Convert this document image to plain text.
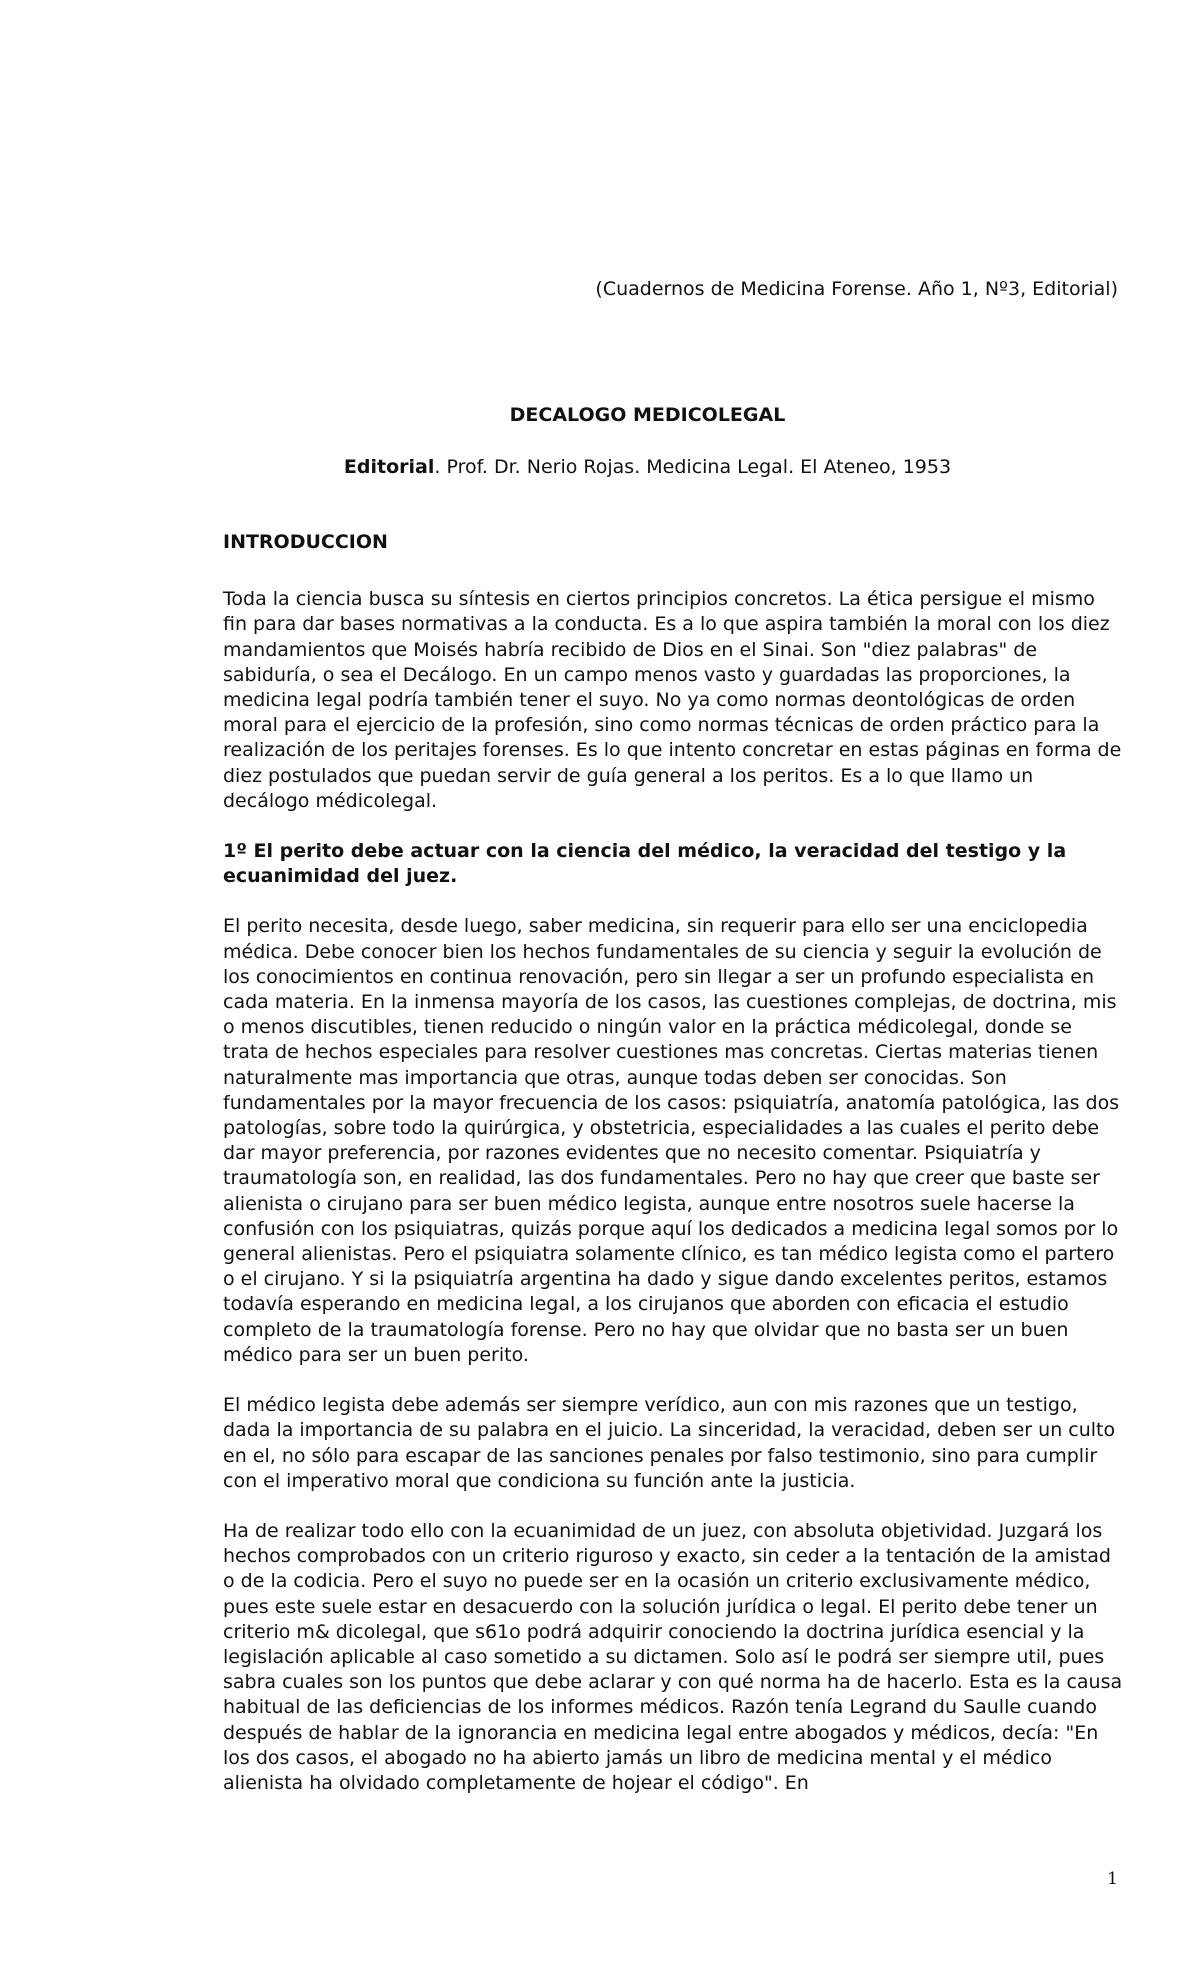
(Cuadernos de Medicina Forense. Año 1, Nº3, Editorial)
DECALOGO MEDICOLEGAL
Editorial. Prof. Dr. Nerio Rojas. Medicina Legal. El Ateneo, 1953

INTRODUCCION

Toda la ciencia busca su síntesis en ciertos principios concretos. La ética persigue el mismo fin para dar bases normativas a la conducta. Es a lo que aspira también la moral con los diez mandamientos que Moisés habría recibido de Dios en el Sinai. Son "diez palabras" de sabiduría, o sea el Decálogo. En un campo menos vasto y guardadas las proporciones, la medicina legal podría también tener el suyo. No ya como normas deontológicas de orden moral para el ejercicio de la profesión, sino como normas técnicas de orden práctico para la realización de los peritajes forenses. Es lo que intento concretar en estas páginas en forma de diez postulados que puedan servir de guía general a los peritos. Es a lo que llamo un decálogo médicolegal.

1º El perito debe actuar con la ciencia del médico, la veracidad del testigo y la ecuanimidad del juez.

El perito necesita, desde luego, saber medicina, sin requerir para ello ser una enciclopedia médica. Debe conocer bien los hechos fundamentales de su ciencia y seguir la evolución de los conocimientos en continua renovación, pero sin llegar a ser un profundo especialista en cada materia. En la inmensa mayoría de los casos, las cuestiones complejas, de doctrina, mis o menos discutibles, tienen reducido o ningún valor en la práctica médicolegal, donde se trata de hechos especiales para resolver cuestiones mas concretas. Ciertas materias tienen naturalmente mas importancia que otras, aunque todas deben ser conocidas. Son fundamentales por la mayor frecuencia de los casos: psiquiatría, anatomía patológica, las dos patologías, sobre todo la quirúrgica, y obstetricia, especialidades a las cuales el perito debe dar mayor preferencia, por razones evidentes que no necesito comentar. Psiquiatría y traumatología son, en realidad, las dos fundamentales. Pero no hay que creer que baste ser alienista o cirujano para ser buen médico legista, aunque entre nosotros suele hacerse la confusión con los psiquiatras, quizás porque aquí los dedicados a medicina legal somos por lo general alienistas. Pero el psiquiatra solamente clínico, es tan médico legista como el partero o el cirujano. Y si la psiquiatría argentina ha dado y sigue dando excelentes peritos, estamos todavía esperando en medicina legal, a los cirujanos que aborden con eficacia el estudio completo de la traumatología forense. Pero no hay que olvidar que no basta ser un buen médico para ser un buen perito.

El médico legista debe además ser siempre verídico, aun con mis razones que un testigo, dada la importancia de su palabra en el juicio. La sinceridad, la veracidad, deben ser un culto en el, no sólo para escapar de las sanciones penales por falso testimonio, sino para cumplir con el imperativo moral que condiciona su función ante la justicia.

Ha de realizar todo ello con la ecuanimidad de un juez, con absoluta objetividad. Juzgará los hechos comprobados con un criterio riguroso y exacto, sin ceder a la tentación de la amistad o de la codicia. Pero el suyo no puede ser en la ocasión un criterio exclusivamente médico, pues este suele estar en desacuerdo con la solución jurídica o legal. El perito debe tener un criterio m& dicolegal, que s61o podrá adquirir conociendo la doctrina jurídica esencial y la legislación aplicable al caso sometido a su dictamen. Solo así le podrá ser siempre util, pues sabra cuales son los puntos que debe aclarar y con qué norma ha de hacerlo. Esta es la causa habitual de las deficiencias de los informes médicos. Razón tenía Legrand du Saulle cuando después de hablar de la ignorancia en medicina legal entre abogados y médicos, decía: "En los dos casos, el abogado no ha abierto jamás un libro de medicina mental y el médico alienista ha olvidado completamente de hojear el código". En

1
